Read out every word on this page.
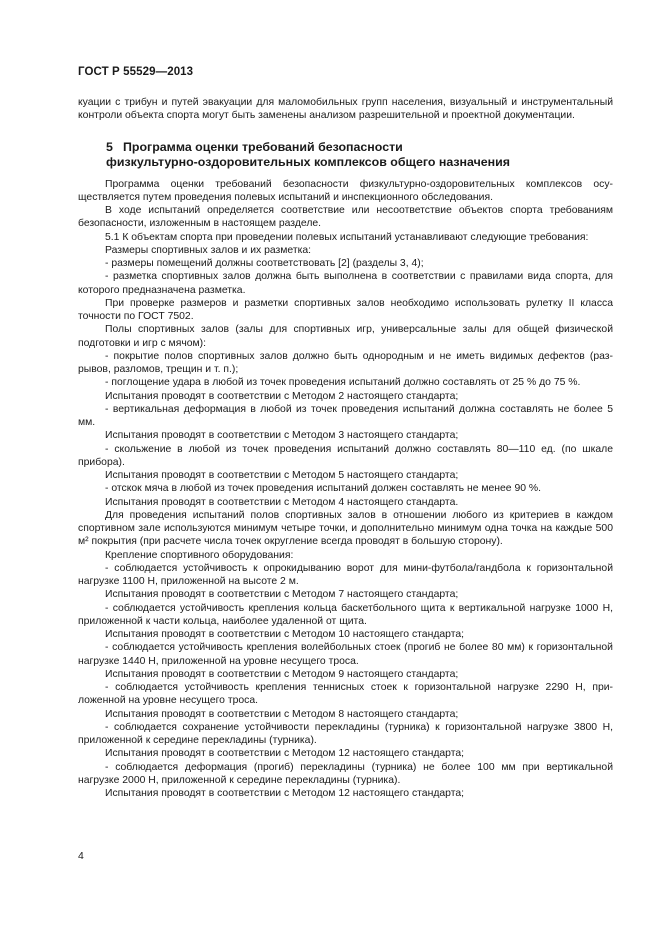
ГОСТ Р 55529—2013

куации с трибун и путей эвакуации для маломобильных групп населения, визуальный и инструментальный контроли объекта спорта могут быть заменены анализом разрешительной и проектной документации.

5 Программа оценки требований безопасности
физкультурно-оздоровительных комплексов общего назначения

Программа оценки требований безопасности физкультурно-оздоровительных комплексов осуществляется путем проведения полевых испытаний и инспекционного обследования.

В ходе испытаний определяется соответствие или несоответствие объектов спорта требованиям безопасности, изложенным в настоящем разделе.

5.1 К объектам спорта при проведении полевых испытаний устанавливают следующие требования:

Размеры спортивных залов и их разметка:

- размеры помещений должны соответствовать [2] (разделы 3, 4);

- разметка спортивных залов должна быть выполнена в соответствии с правилами вида спорта, для которого предназначена разметка.

При проверке размеров и разметки спортивных залов необходимо использовать рулетку II класса точности по ГОСТ 7502.

Полы спортивных залов (залы для спортивных игр, универсальные залы для общей физической подготовки и игр с мячом):

- покрытие полов спортивных залов должно быть однородным и не иметь видимых дефектов (разрывов, разломов, трещин и т. п.);

- поглощение удара в любой из точек проведения испытаний должно составлять от 25 % до 75 %.

Испытания проводят в соответствии с Методом 2 настоящего стандарта;

- вертикальная деформация в любой из точек проведения испытаний должна составлять не более 5 мм.

Испытания проводят в соответствии с Методом 3 настоящего стандарта;

- скольжение в любой из точек проведения испытаний должно составлять 80—110 ед. (по шкале прибора).

Испытания проводят в соответствии с Методом 5 настоящего стандарта;

- отскок мяча в любой из точек проведения испытаний должен составлять не менее 90 %.

Испытания проводят в соответствии с Методом 4 настоящего стандарта.

Для проведения испытаний полов спортивных залов в отношении любого из критериев в каждом спортивном зале используются минимум четыре точки, и дополнительно минимум одна точка на каждые 500 м² покрытия (при расчете числа точек округление всегда проводят в большую сторону).

Крепление спортивного оборудования:

- соблюдается устойчивость к опрокидыванию ворот для мини-футбола/гандбола к горизонтальной нагрузке 1100 Н, приложенной на высоте 2 м.

Испытания проводят в соответствии с Методом 7 настоящего стандарта;

- соблюдается устойчивость крепления кольца баскетбольного щита к вертикальной нагрузке 1000 Н, приложенной к части кольца, наиболее удаленной от щита.

Испытания проводят в соответствии с Методом 10 настоящего стандарта;

- соблюдается устойчивость крепления волейбольных стоек (прогиб не более 80 мм) к горизонтальной нагрузке 1440 Н, приложенной на уровне несущего троса.

Испытания проводят в соответствии с Методом 9 настоящего стандарта;

- соблюдается устойчивость крепления теннисных стоек к горизонтальной нагрузке 2290 Н, приложенной на уровне несущего троса.

Испытания проводят в соответствии с Методом 8 настоящего стандарта;

- соблюдается сохранение устойчивости перекладины (турника) к горизонтальной нагрузке 3800 Н, приложенной к середине перекладины (турника).

Испытания проводят в соответствии с Методом 12 настоящего стандарта;

- соблюдается деформация (прогиб) перекладины (турника) не более 100 мм при вертикальной нагрузке 2000 Н, приложенной к середине перекладины (турника).

Испытания проводят в соответствии с Методом 12 настоящего стандарта;

4
